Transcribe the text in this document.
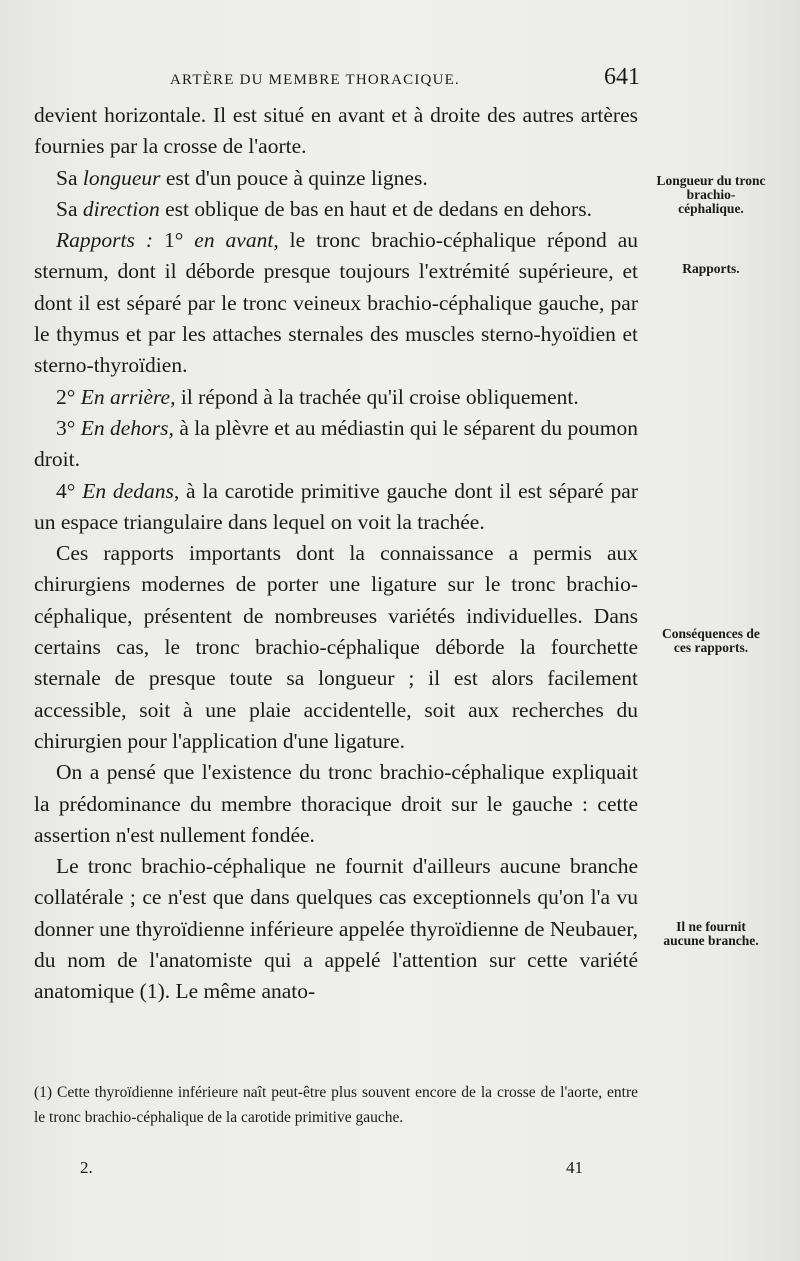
ARTÈRE DU MEMBRE THORACIQUE.	641

devient horizontale. Il est situé en avant et à droite des autres artères fournies par la crosse de l'aorte.

Sa longueur est d'un pouce à quinze lignes.

Sa direction est oblique de bas en haut et de dedans en dehors.

Rapports : 1° en avant, le tronc brachio-céphalique répond au sternum, dont il déborde presque toujours l'extrémité supérieure, et dont il est séparé par le tronc veineux brachio-céphalique gauche, par le thymus et par les attaches sternales des muscles sterno-hyoïdien et sterno-thyroïdien.

2° En arrière, il répond à la trachée qu'il croise obliquement.

3° En dehors, à la plèvre et au médiastin qui le séparent du poumon droit.

4° En dedans, à la carotide primitive gauche dont il est séparé par un espace triangulaire dans lequel on voit la trachée.

Ces rapports importants dont la connaissance a permis aux chirurgiens modernes de porter une ligature sur le tronc brachio-céphalique, présentent de nombreuses variétés individuelles. Dans certains cas, le tronc brachio-céphalique déborde la fourchette sternale de presque toute sa longueur ; il est alors facilement accessible, soit à une plaie accidentelle, soit aux recherches du chirurgien pour l'application d'une ligature.

On a pensé que l'existence du tronc brachio-céphalique expliquait la prédominance du membre thoracique droit sur le gauche : cette assertion n'est nullement fondée.

Le tronc brachio-céphalique ne fournit d'ailleurs aucune branche collatérale ; ce n'est que dans quelques cas exceptionnels qu'on l'a vu donner une thyroïdienne inférieure appelée thyroïdienne de Neubauer, du nom de l'anatomiste qui a appelé l'attention sur cette variété anatomique (1). Le même anato-

Longueur du tronc brachio-céphalique.
Rapports.
Conséquences de ces rapports.
Il ne fournit aucune branche.
(1) Cette thyroïdienne inférieure naît peut-être plus souvent encore de la crosse de l'aorte, entre le tronc brachio-céphalique de la carotide primitive gauche.
2.	41
